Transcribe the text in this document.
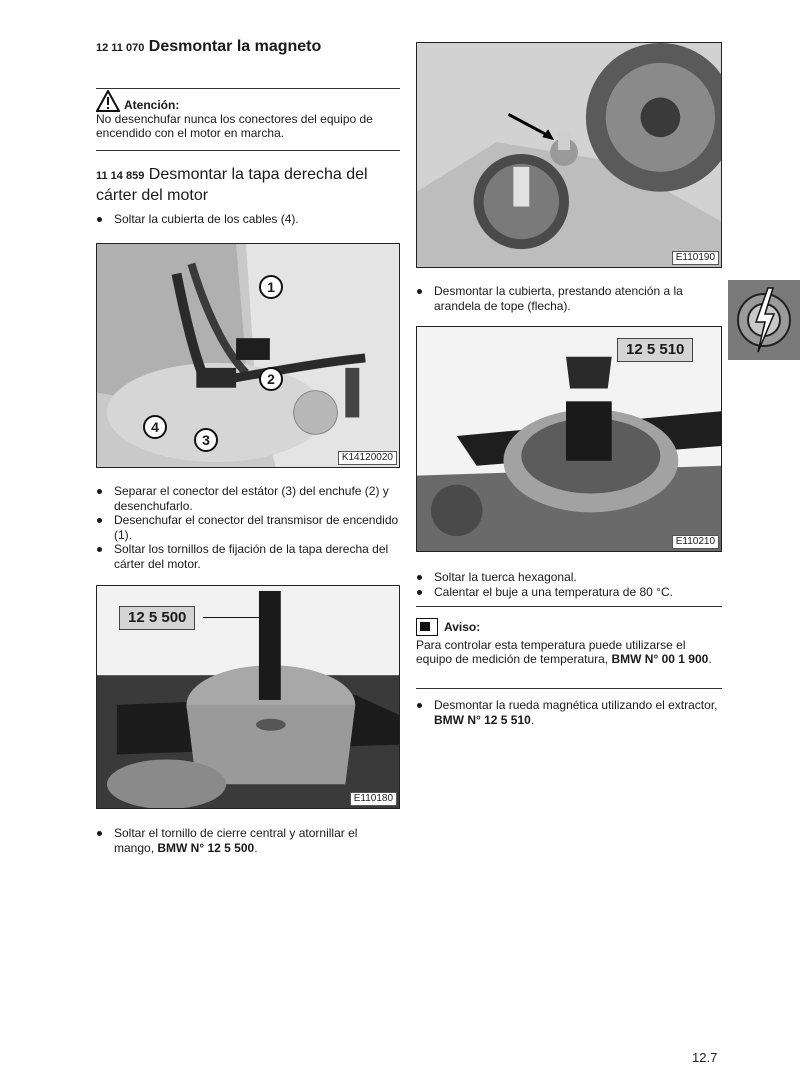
12 11 070 Desmontar la magneto
Atención:
No desenchufar nunca los conectores del equipo de encendido con el motor en marcha.
11 14 859 Desmontar la tapa derecha del cárter del motor
Soltar la cubierta de los cables (4).
1
2
4
3
K14120020
Separar el conector del estátor (3) del enchufe (2) y desenchufarlo.
Desenchufar el conector del transmisor de encendido (1).
Soltar los tornillos de fijación de la tapa derecha del cárter del motor.
12 5 500
E110180
Soltar el tornillo de cierre central y atornillar el mango, BMW N° 12 5 500.
E110190
Desmontar la cubierta, prestando atención a la arandela de tope (flecha).
12 5 510
E110210
Soltar la tuerca hexagonal.
Calentar el buje a una temperatura de 80 °C.
Aviso:
Para controlar esta temperatura puede utilizarse el equipo de medición de temperatura, BMW N° 00 1 900.
Desmontar la rueda magnética utilizando el extractor, BMW N° 12 5 510.
12.7
